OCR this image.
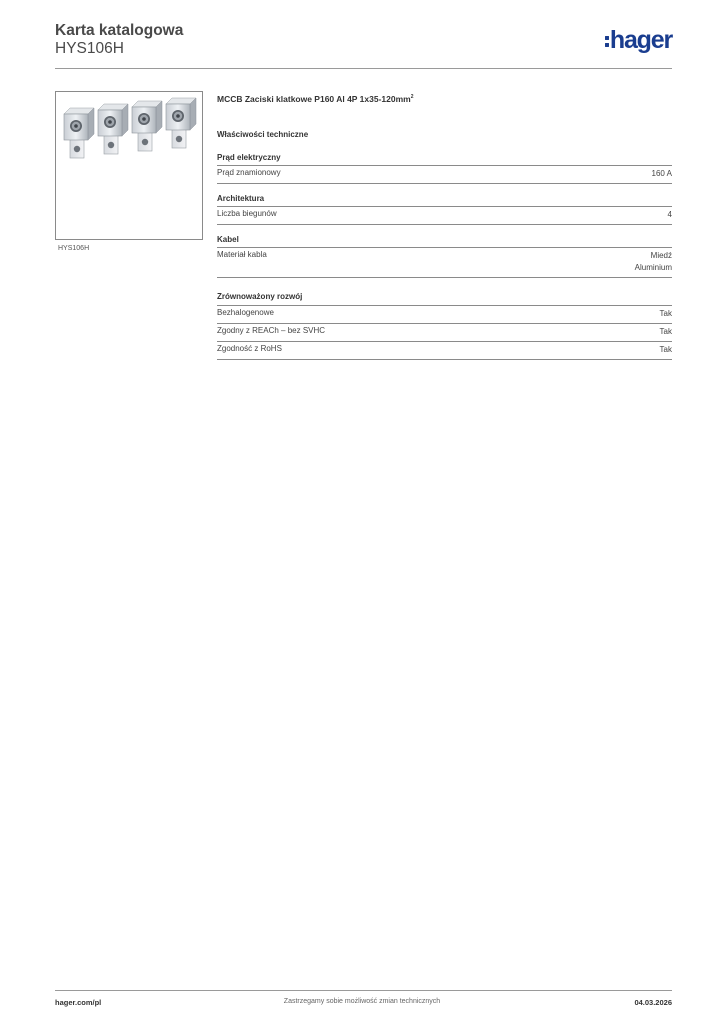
Karta katalogowa
HYS106H	hager
HYS106H
MCCB Zaciski klatkowe P160 Al 4P $1x35-120mm^2$
Właściwości techniczne
Prąd elektryczny
Prąd znamionowy	160 A
Architektura
Liczba biegunów	4
Kabel
Materiał kabla	Miedź
Aluminium
Zrównoważony rozwój
Bezhalogenowe	Tak
Zgodny z REACh – bez SVHC	Tak
Zgodność z RoHS	Tak
hager.com/pl	Zastrzegamy sobie możliwość zmian technicznych	04.03.2026
